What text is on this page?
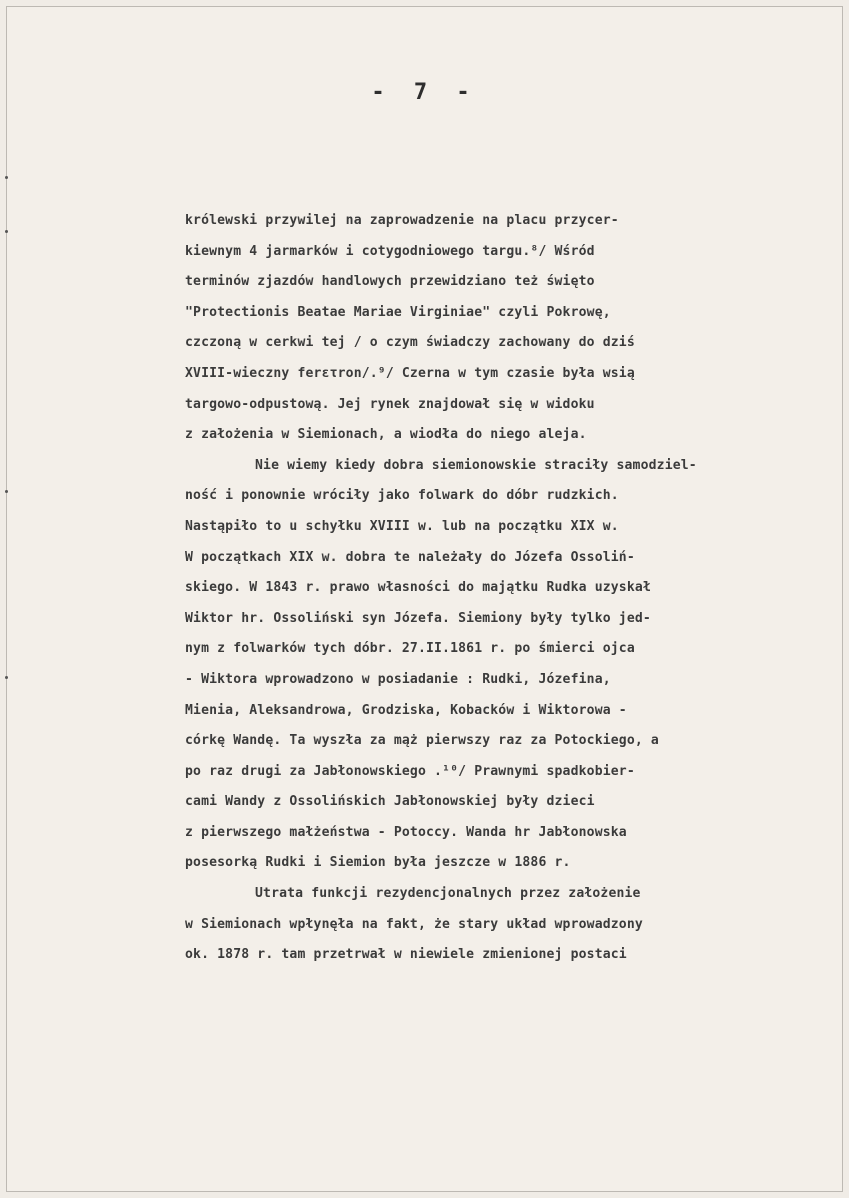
- 7 -
królewski przywilej na zaprowadzenie na placu przycer-
kiewnym 4 jarmarków i cotygodniowego targu.⁸/ Wśród
terminów zjazdów handlowych przewidziano też święto
"Protectionis Beatae Mariae Virginiae" czyli Pokrowę,
czczoną w cerkwi tej / o czym świadczy zachowany do dziś
XVIII-wieczny ferετron/.⁹/ Czerna w tym czasie była wsią
targowo-odpustową. Jej rynek znajdował się w widoku
z założenia w Siemionach, a wiodła do niego aleja.
Nie wiemy kiedy dobra siemionowskie straciły samodziel-
ność i ponownie wróciły jako folwark do dóbr rudzkich.
Nastąpiło to u schyłku XVIII w. lub na początku XIX w.
W początkach XIX w. dobra te należały do Józefa Ossoliń-
skiego. W 1843 r. prawo własności do majątku Rudka uzyskał
Wiktor hr. Ossoliński syn Józefa. Siemiony były tylko jed-
nym z folwarków tych dóbr. 27.II.1861 r. po śmierci ojca
- Wiktora wprowadzono w posiadanie : Rudki, Józefina,
Mieniа, Aleksandrowa, Grodziska, Kobacków i Wiktorowa -
córkę Wandę. Ta wyszła za mąż pierwszy raz za Potockiego, a
po raz drugi za Jabłonowskiego .¹⁰/ Prawnymi spadkobier-
cami Wandy z Ossolińskich Jabłonowskiej były dzieci
z pierwszego małżeństwa - Potoccy. Wanda hr Jabłonowska
posesorką Rudki i Siemion była jeszcze w 1886 r.
Utrata funkcji rezydencjonalnych przez założenie
w Siemionach wpłynęła na fakt, że stary układ wprowadzony
ok. 1878 r. tam przetrwał w niewiele zmienionej postaci
